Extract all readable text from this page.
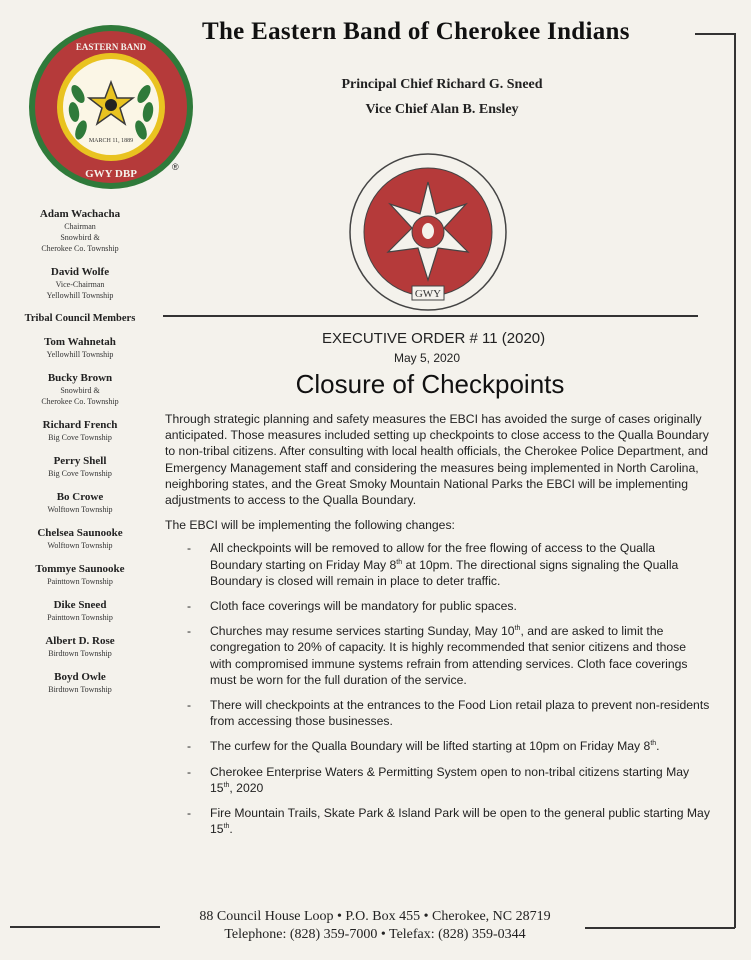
MARCH 11, 1889
EASTERN BAND
GWY DBP
®
The Eastern Band of Cherokee Indians
Principal Chief Richard G. Sneed
Vice Chief Alan B. Ensley
GWY
Adam Wachacha
Chairman
Snowbird &
Cherokee Co. Township
David Wolfe
Vice-Chairman
Yellowhill Township
Tribal Council Members
Tom Wahnetah
Yellowhill Township
Bucky Brown
Snowbird &
Cherokee Co. Township
Richard French
Big Cove Township
Perry Shell
Big Cove Township
Bo Crowe
Wolftown Township
Chelsea Saunooke
Wolftown Township
Tommye Saunooke
Painttown Township
Dike Sneed
Painttown Township
Albert D. Rose
Birdtown Township
Boyd Owle
Birdtown Township
EXECUTIVE ORDER # 11 (2020)
May 5, 2020
Closure of Checkpoints

Through strategic planning and safety measures the EBCI has avoided the surge of cases originally anticipated. Those measures included setting up checkpoints to close access to the Qualla Boundary to non-tribal citizens. After consulting with local health officials, the Cherokee Police Department, and Emergency Management staff and considering the measures being implemented in North Carolina, neighboring states, and the Great Smoky Mountain National Parks the EBCI will be implementing adjustments to access to the Qualla Boundary.

The EBCI will be implementing the following changes:

- All checkpoints will be removed to allow for the free flowing of access to the Qualla Boundary starting on Friday May 8th at 10pm. The directional signs signaling the Qualla Boundary is closed will remain in place to deter traffic.
- Cloth face coverings will be mandatory for public spaces.
- Churches may resume services starting Sunday, May 10th, and are asked to limit the congregation to 20% of capacity. It is highly recommended that senior citizens and those with compromised immune systems refrain from attending services. Cloth face coverings must be worn for the full duration of the service.
- There will checkpoints at the entrances to the Food Lion retail plaza to prevent non-residents from accessing those businesses.
- The curfew for the Qualla Boundary will be lifted starting at 10pm on Friday May 8th.
- Cherokee Enterprise Waters & Permitting System open to non-tribal citizens starting May 15th, 2020
- Fire Mountain Trails, Skate Park & Island Park will be open to the general public starting May 15th.
88 Council House Loop • P.O. Box 455 • Cherokee, NC 28719
Telephone: (828) 359-7000 • Telefax: (828) 359-0344
